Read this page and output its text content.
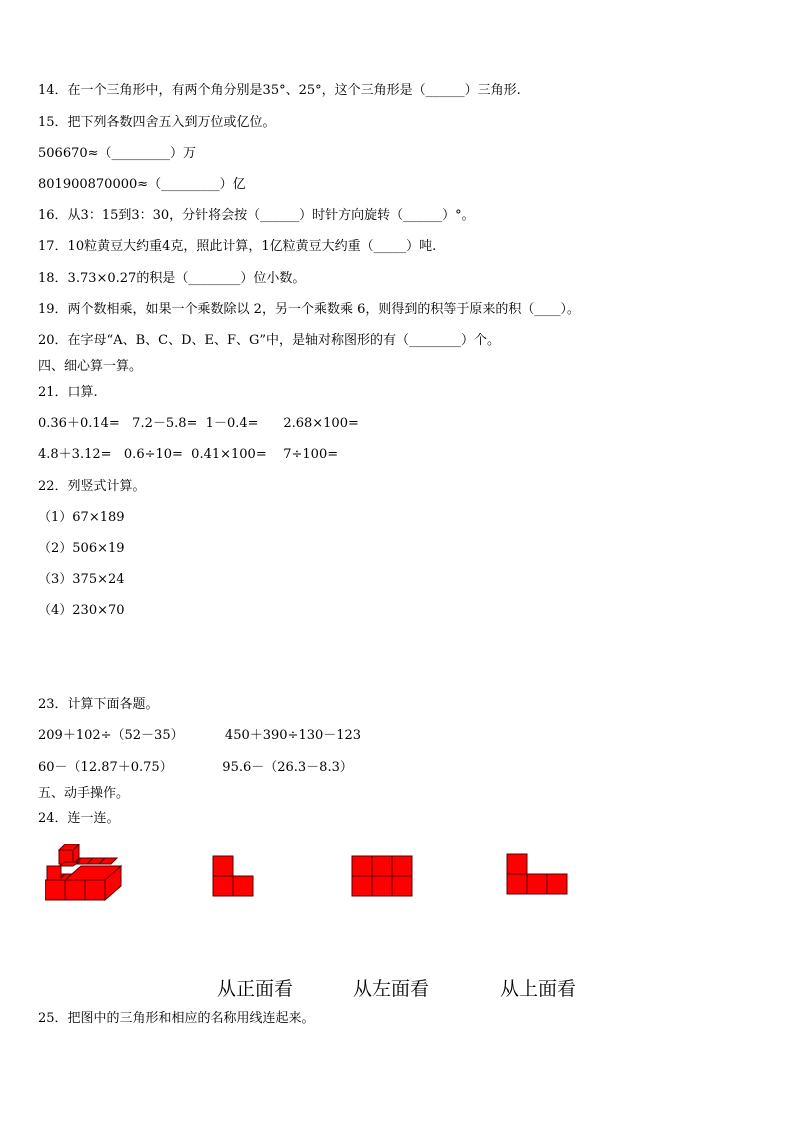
14．在一个三角形中，有两个角分别是35°、25°，这个三角形是（______）三角形.
15．把下列各数四舍五入到万位或亿位。
506670≈（_________）万
801900870000≈（_________）亿
16．从3：15到3：30，分针将会按（______）时针方向旋转（______）°。
17．10粒黄豆大约重4克，照此计算，1亿粒黄豆大约重（_____）吨.
18．3.73×0.27的积是（________）位小数。
19．两个数相乘，如果一个乘数除以 2，另一个乘数乘 6，则得到的积等于原来的积（____）。
20．在字母“A、B、C、D、E、F、G”中，是轴对称图形的有（________）个。
四、细心算一算。
21．口算.
0.36＋0.14=   7.2－5.8=  1－0.4=      2.68×100=
4.8＋3.12=   0.6÷10=  0.41×100=    7÷100=
22．列竖式计算。
（1）67×189
（2）506×19
（3）375×24
（4）230×70
23．计算下面各题。
209＋102÷（52－35）          450＋390÷130－123
60－（12.87＋0.75）            95.6－（26.3－8.3）
五、动手操作。
24．连一连。
从正面看	从左面看	从上面看
25．把图中的三角形和相应的名称用线连起来。
